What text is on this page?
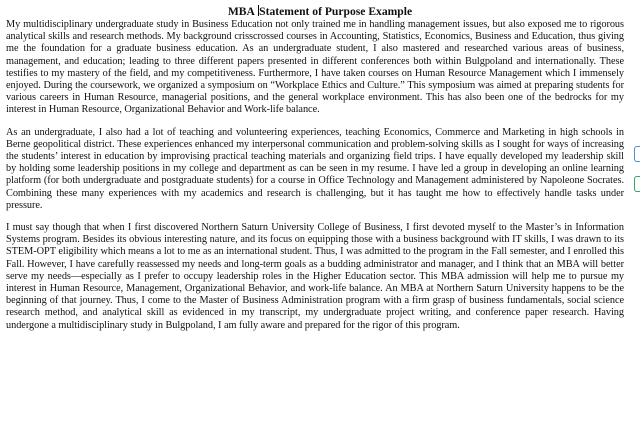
MBA Statement of Purpose Example

My multidisciplinary undergraduate study in Business Education not only trained me in handling management issues, but also exposed me to rigorous analytical skills and research methods. My background crisscrossed courses in Accounting, Statistics, Economics, Business and Education, thus giving me the foundation for a graduate business education. As an undergraduate student, I also mastered and researched various areas of business, management, and education; leading to three different papers presented in different conferences both within Bulgpoland and internationally. These testifies to my mastery of the field, and my competitiveness. Furthermore, I have taken courses on Human Resource Management which I immensely enjoyed. During the coursework, we organized a symposium on “Workplace Ethics and Culture.” This symposium was aimed at preparing students for various careers in Human Resource, managerial positions, and the general workplace environment. This has also been one of the bedrocks for my interest in Human Resource, Organizational Behavior and Work-life balance.

As an undergraduate, I also had a lot of teaching and volunteering experiences, teaching Economics, Commerce and Marketing in high schools in Berne geopolitical district. These experiences enhanced my interpersonal communication and problem-solving skills as I sought for ways of increasing the students’ interest in education by improvising practical teaching materials and organizing field trips. I have equally developed my leadership skill by holding some leadership positions in my college and department as can be seen in my resume. I have led a group in developing an online learning platform (for both undergraduate and postgraduate students) for a course in Office Technology and Management administered by Napoleone Socrates. Combining these many experiences with my academics and research is challenging, but it has taught me how to effectively handle tasks under pressure.

I must say though that when I first discovered Northern Saturn University College of Business, I first devoted myself to the Master’s in Information Systems program. Besides its obvious interesting nature, and its focus on equipping those with a business background with IT skills, I was drawn to its STEM-OPT eligibility which means a lot to me as an international student. Thus, I was admitted to the program in the Fall semester, and I enrolled this Fall. However, I have carefully reassessed my needs and long-term goals as a budding administrator and manager, and I think that an MBA will better serve my needs—especially as I prefer to occupy leadership roles in the Higher Education sector. This MBA admission will help me to pursue my interest in Human Resource, Management, Organizational Behavior, and work-life balance. An MBA at Northern Saturn University happens to be the beginning of that journey. Thus, I come to the Master of Business Administration program with a firm grasp of business fundamentals, social science research method, and analytical skill as evidenced in my transcript, my undergraduate project writing, and conference paper research. Having undergone a multidisciplinary study in Bulgpoland, I am fully aware and prepared for the rigor of this program.
